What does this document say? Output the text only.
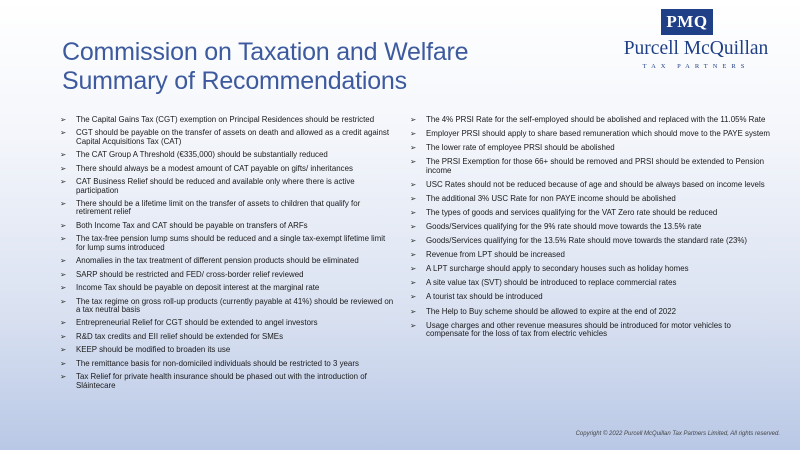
Commission on Taxation and Welfare
Summary of Recommendations
PMQ
Purcell McQuillan
TAX PARTNERS
➢ The Capital Gains Tax (CGT) exemption on Principal Residences should be restricted
➢ CGT should be payable on the transfer of assets on death and allowed as a credit against Capital Acquisitions Tax (CAT)
➢ The CAT Group A Threshold (€335,000) should be substantially reduced
➢ There should always be a modest amount of CAT payable on gifts/ inheritances
➢ CAT Business Relief should be reduced and available only where there is active participation
➢ There should be a lifetime limit on the transfer of assets to children that qualify for retirement relief
➢ Both Income Tax and CAT should be payable on transfers of ARFs
➢ The tax-free pension lump sums should be reduced and a single tax-exempt lifetime limit for lump sums introduced
➢ Anomalies in the tax treatment of different pension products should be eliminated
➢ SARP should be restricted and FED/ cross-border relief reviewed
➢ Income Tax should be payable on deposit interest at the marginal rate
➢ The tax regime on gross roll-up products (currently payable at 41%) should be reviewed on a tax neutral basis
➢ Entrepreneurial Relief for CGT should be extended to angel investors
➢ R&D tax credits and EII relief should be extended for SMEs
➢ KEEP should be modified to broaden its use
➢ The remittance basis for non-domiciled individuals should be restricted to 3 years
➢ Tax Relief for private health insurance should be phased out with the introduction of Sláintecare
➢ The 4% PRSI Rate for the self-employed should be abolished and replaced with the 11.05% Rate
➢ Employer PRSI should apply to share based remuneration which should move to the PAYE system
➢ The lower rate of employee PRSI should be abolished
➢ The PRSI Exemption for those 66+ should be removed and PRSI should be extended to Pension income
➢ USC Rates should not be reduced because of age and should be always based on income levels
➢ The additional 3% USC Rate for non PAYE income should be abolished
➢ The types of goods and services qualifying for the VAT Zero rate should be reduced
➢ Goods/Services qualifying for the 9% rate should move towards the 13.5% rate
➢ Goods/Services qualifying for the 13.5% Rate should move towards the standard rate (23%)
➢ Revenue from LPT should be increased
➢ A LPT surcharge should apply to secondary houses such as holiday homes
➢ A site value tax (SVT) should be introduced to replace commercial rates
➢ A tourist tax should be introduced
➢ The Help to Buy scheme should be allowed to expire at the end of 2022
➢ Usage charges and other revenue measures should be introduced for motor vehicles to compensate for the loss of tax from electric vehicles
Copyright © 2022 Purcell McQuillan Tax Partners Limited, All rights reserved.
